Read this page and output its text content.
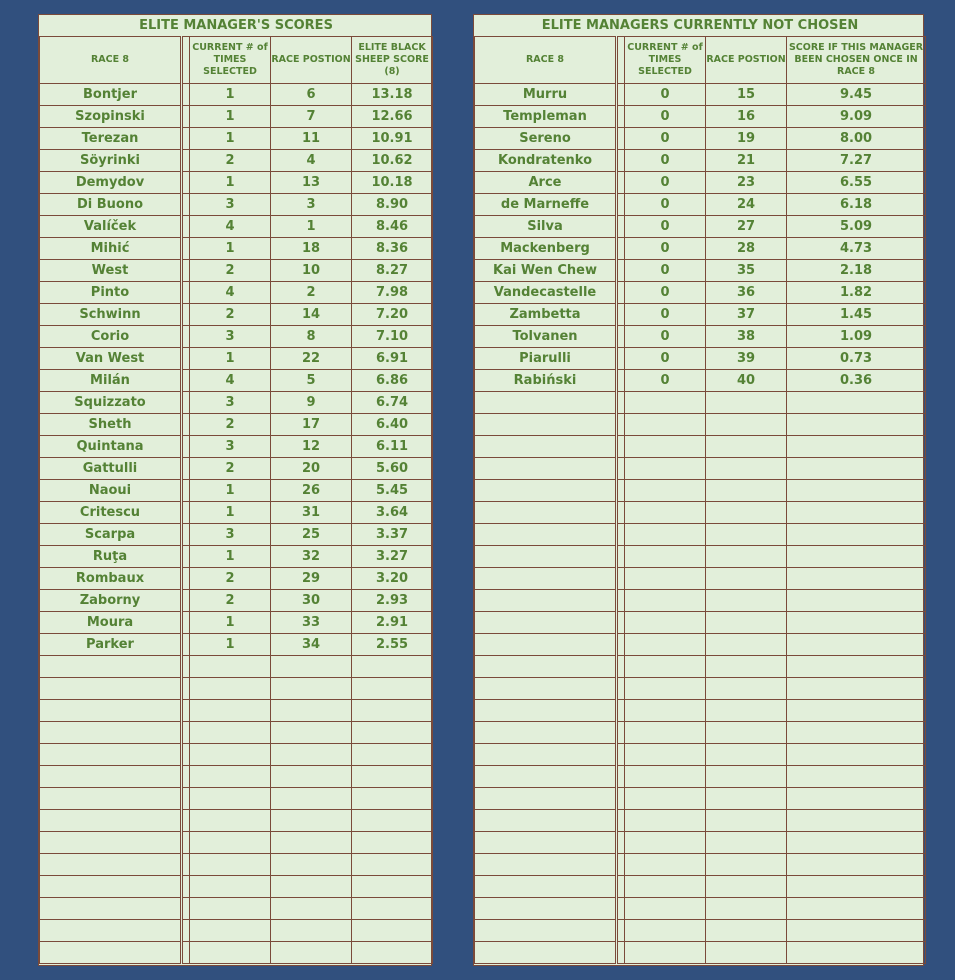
ELITE MANAGER'S SCORES				
RACE 8		CURRENT # of TIMES SELECTED	RACE POSTION	ELITE BLACK SHEEP SCORE (8)
Bontjer		1	6	13.18
Szopinski		1	7	12.66
Terezan		1	11	10.91
Söyrinki		2	4	10.62
Demydov		1	13	10.18
Di Buono		3	3	8.90
Valíček		4	1	8.46
Mihić		1	18	8.36
West		2	10	8.27
Pinto		4	2	7.98
Schwinn		2	14	7.20
Corio		3	8	7.10
Van West		1	22	6.91
Milán		4	5	6.86
Squizzato		3	9	6.74
Sheth		2	17	6.40
Quintana		3	12	6.11
Gattulli		2	20	5.60
Naoui		1	26	5.45
Critescu		1	31	3.64
Scarpa		3	25	3.37
Ruţa		1	32	3.27
Rombaux		2	29	3.20
Zaborny		2	30	2.93
Moura		1	33	2.91
Parker		1	34	2.55

ELITE MANAGERS CURRENTLY NOT CHOSEN				
RACE 8		CURRENT # of TIMES SELECTED	RACE POSTION	SCORE IF THIS MANAGER BEEN CHOSEN ONCE IN RACE 8
Murru		0	15	9.45
Templeman		0	16	9.09
Sereno		0	19	8.00
Kondratenko		0	21	7.27
Arce		0	23	6.55
de Marneffe		0	24	6.18
Silva		0	27	5.09
Mackenberg		0	28	4.73
Kai Wen Chew		0	35	2.18
Vandecastelle		0	36	1.82
Zambetta		0	37	1.45
Tolvanen		0	38	1.09
Piarulli		0	39	0.73
Rabiński		0	40	0.36
